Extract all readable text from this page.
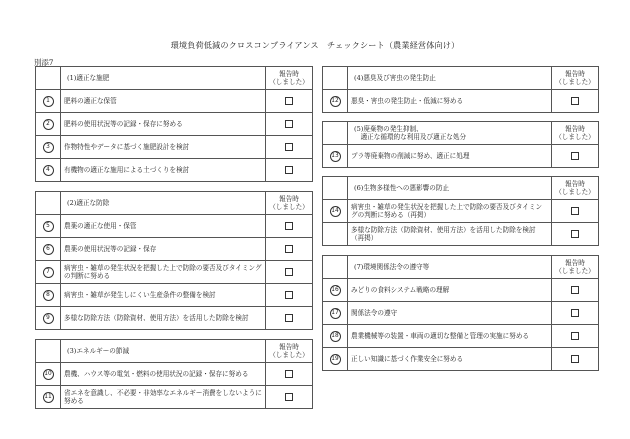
環境負荷低減のクロスコンプライアンス　チェックシート（農業経営体向け）
別添7
	(1)適正な施肥	報告時
（しました）
1	肥料の適正な保管	
2	肥料の使用状況等の記録・保存に努める	
3	作物特性やデータに基づく施肥設計を検討	
4	有機物の適正な施用による土づくりを検討	
	(2)適正な防除	報告時
（しました）
5	農薬の適正な使用・保管	
6	農薬の使用状況等の記録・保存	
7	病害虫・雑草の発生状況を把握した上で防除の要否及びタイミングの判断に努める	
8	病害虫・雑草が発生しにくい生産条件の整備を検討	
9	多様な防除方法（防除資材、使用方法）を活用した防除を検討	
	(3)エネルギーの節減	報告時
（しました）
10	農機、ハウス等の電気・燃料の使用状況の記録・保存に努める	
11	省エネを意識し、不必要・非効率なエネルギー消費をしないように努める	
	(4)悪臭及び害虫の発生防止	報告時
（しました）
12	悪臭・害虫の発生防止・低減に努める	
	(5)廃棄物の発生抑制、
　適正な循環的な利用及び適正な処分	報告時
（しました）
13	プラ等廃棄物の削減に努め、適正に処理	
	(6)生物多様性への悪影響の防止	報告時
（しました）
14	病害虫・雑草の発生状況を把握した上で防除の要否及びタイミングの判断に努める（再掲）	
	多様な防除方法（防除資材、使用方法）を活用した防除を検討（再掲）	
	(7)環境関係法令の遵守等	報告時
（しました）
16	みどりの食料システム戦略の理解	
17	関係法令の遵守	
18	農業機械等の装置・車両の適切な整備と管理の実施に努める	
19	正しい知識に基づく作業安全に努める	
